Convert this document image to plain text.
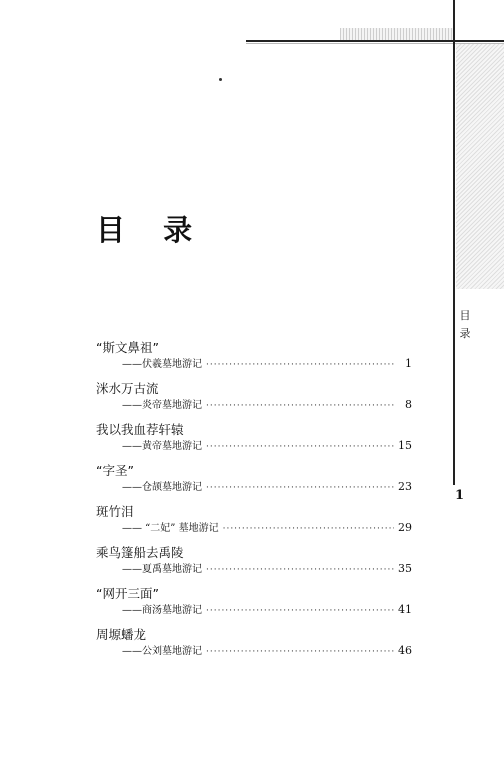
目 录
目
录
1
“斯文鼻祖”
——伏羲墓地游记 ·····	1
洣水万古流
——炎帝墓地游记 ·····	8
我以我血荐轩辕
——黄帝墓地游记 ·····	15
“字圣”
——仓颉墓地游记 ·····	23
斑竹泪
—— “二妃” 墓地游记 ·····	29
乘鸟篷船去禹陵
——夏禹墓地游记 ·····	35
“网开三面”
——商汤墓地游记 ·····	41
周塬蟠龙
——公刘墓地游记 ·····	46
